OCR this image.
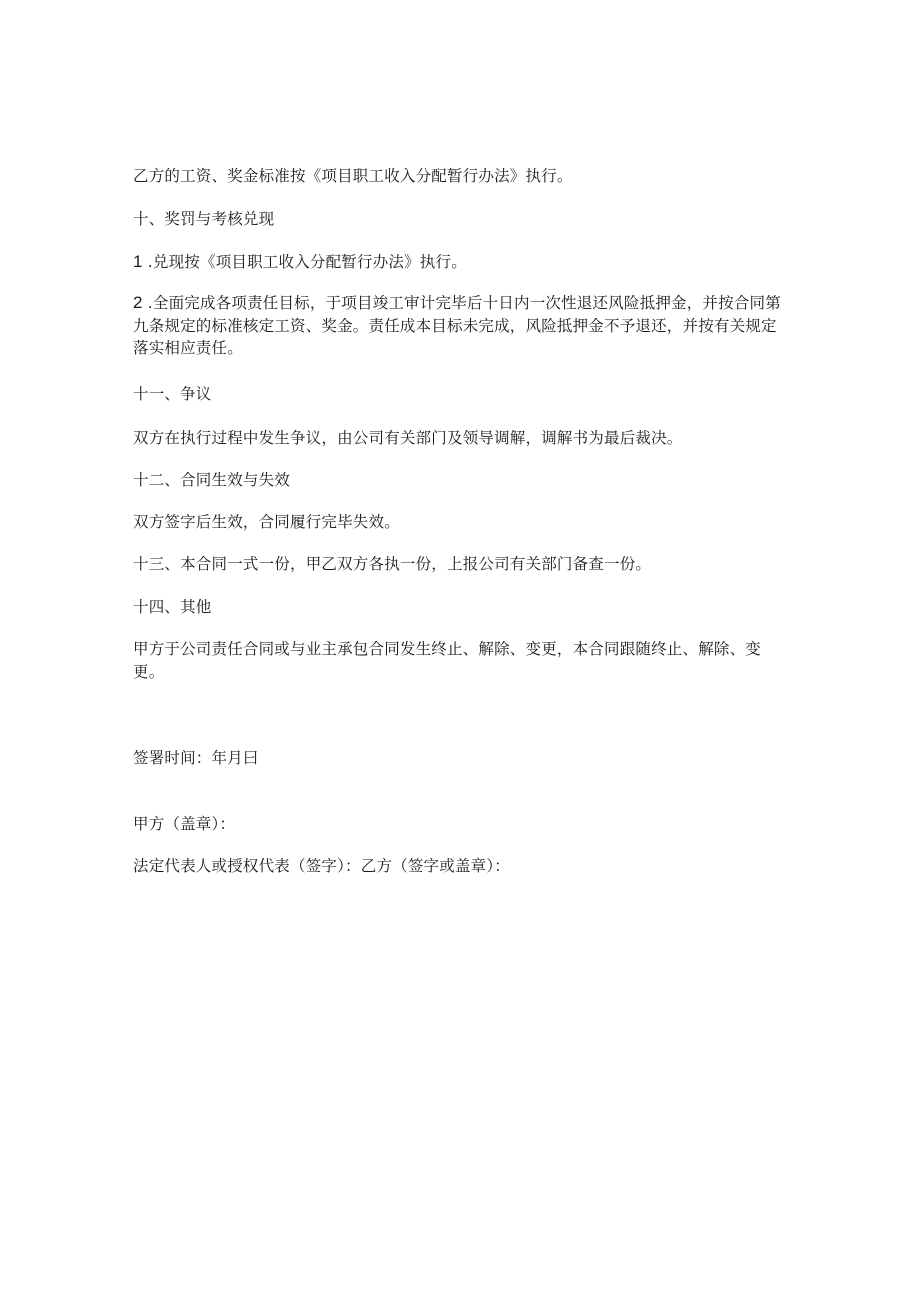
乙方的工资、奖金标准按《项目职工收入分配暂行办法》执行。
十、奖罚与考核兑现
1 .兑现按《项目职工收入分配暂行办法》执行。
2 .全面完成各项责任目标，于项目竣工审计完毕后十日内一次性退还风险抵押金，并按合同第九条规定的标准核定工资、奖金。责任成本目标未完成，风险抵押金不予退还，并按有关规定落实相应责任。
十一、争议
双方在执行过程中发生争议，由公司有关部门及领导调解，调解书为最后裁决。
十二、合同生效与失效
双方签字后生效，合同履行完毕失效。
十三、本合同一式一份，甲乙双方各执一份，上报公司有关部门备查一份。
十四、其他
甲方于公司责任合同或与业主承包合同发生终止、解除、变更，本合同跟随终止、解除、变更。
签署时间：年月曰
甲方（盖章）：
法定代表人或授权代表（签字）：乙方（签字或盖章）：
